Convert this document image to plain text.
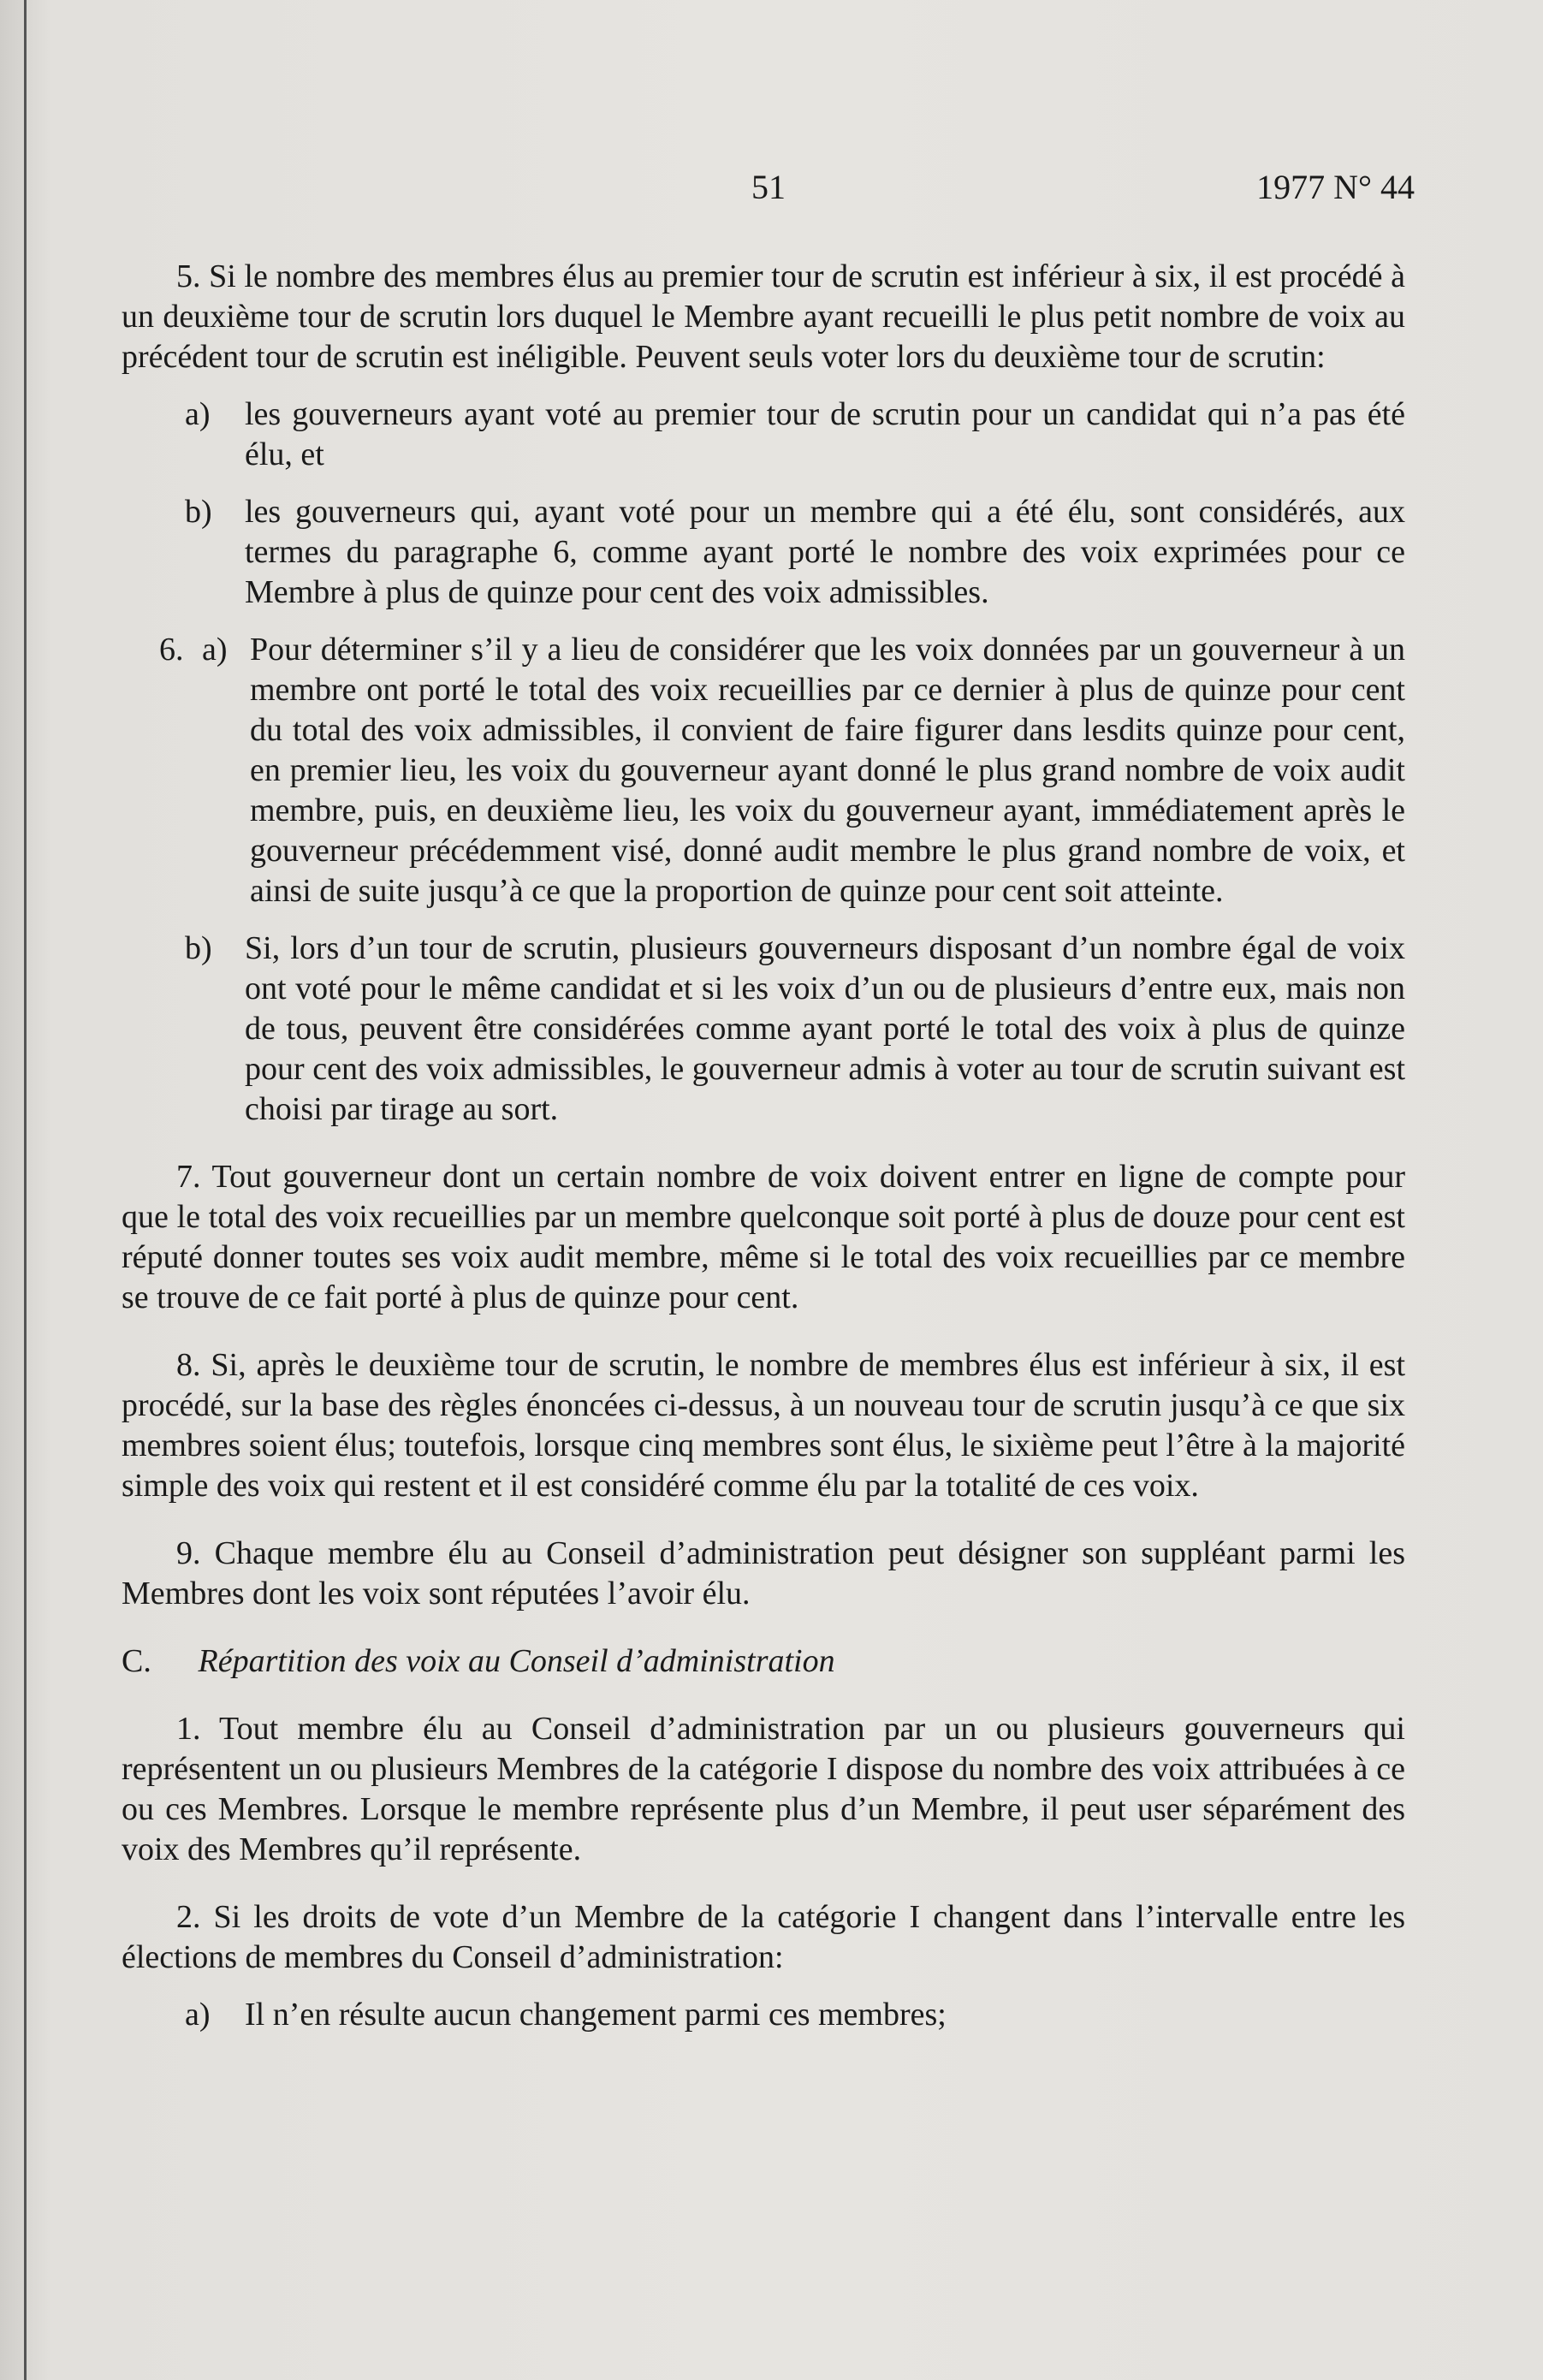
51	1977 N° 44

5. Si le nombre des membres élus au premier tour de scrutin est inférieur à six, il est procédé à un deuxième tour de scrutin lors duquel le Membre ayant recueilli le plus petit nombre de voix au précédent tour de scrutin est inéligible. Peuvent seuls voter lors du deuxième tour de scrutin:

a)	les gouverneurs ayant voté au premier tour de scrutin pour un candidat qui n’a pas été élu, et
b)	les gouverneurs qui, ayant voté pour un membre qui a été élu, sont considérés, aux termes du paragraphe 6, comme ayant porté le nombre des voix exprimées pour ce Membre à plus de quinze pour cent des voix admissibles.
6. a) Pour déterminer s’il y a lieu de considérer que les voix données par un gouverneur à un membre ont porté le total des voix recueillies par ce dernier à plus de quinze pour cent du total des voix admissibles, il convient de faire figurer dans lesdits quinze pour cent, en premier lieu, les voix du gouverneur ayant donné le plus grand nombre de voix audit membre, puis, en deuxième lieu, les voix du gouverneur ayant, immédiatement après le gouverneur précédemment visé, donné audit membre le plus grand nombre de voix, et ainsi de suite jusqu’à ce que la proportion de quinze pour cent soit atteinte.
b)	Si, lors d’un tour de scrutin, plusieurs gouverneurs disposant d’un nombre égal de voix ont voté pour le même candidat et si les voix d’un ou de plusieurs d’entre eux, mais non de tous, peuvent être considérées comme ayant porté le total des voix à plus de quinze pour cent des voix admissibles, le gouverneur admis à voter au tour de scrutin suivant est choisi par tirage au sort.

7. Tout gouverneur dont un certain nombre de voix doivent entrer en ligne de compte pour que le total des voix recueillies par un membre quelconque soit porté à plus de douze pour cent est réputé donner toutes ses voix audit membre, même si le total des voix recueillies par ce membre se trouve de ce fait porté à plus de quinze pour cent.

8. Si, après le deuxième tour de scrutin, le nombre de membres élus est inférieur à six, il est procédé, sur la base des règles énoncées ci-dessus, à un nouveau tour de scrutin jusqu’à ce que six membres soient élus; toutefois, lorsque cinq membres sont élus, le sixième peut l’être à la majorité simple des voix qui restent et il est considéré comme élu par la totalité de ces voix.

9. Chaque membre élu au Conseil d’administration peut désigner son suppléant parmi les Membres dont les voix sont réputées l’avoir élu.

C. Répartition des voix au Conseil d’administration

1. Tout membre élu au Conseil d’administration par un ou plusieurs gouverneurs qui représentent un ou plusieurs Membres de la catégorie I dispose du nombre des voix attribuées à ce ou ces Membres. Lorsque le membre représente plus d’un Membre, il peut user séparément des voix des Membres qu’il représente.

2. Si les droits de vote d’un Membre de la catégorie I changent dans l’intervalle entre les élections de membres du Conseil d’administration:

a)	Il n’en résulte aucun changement parmi ces membres;
